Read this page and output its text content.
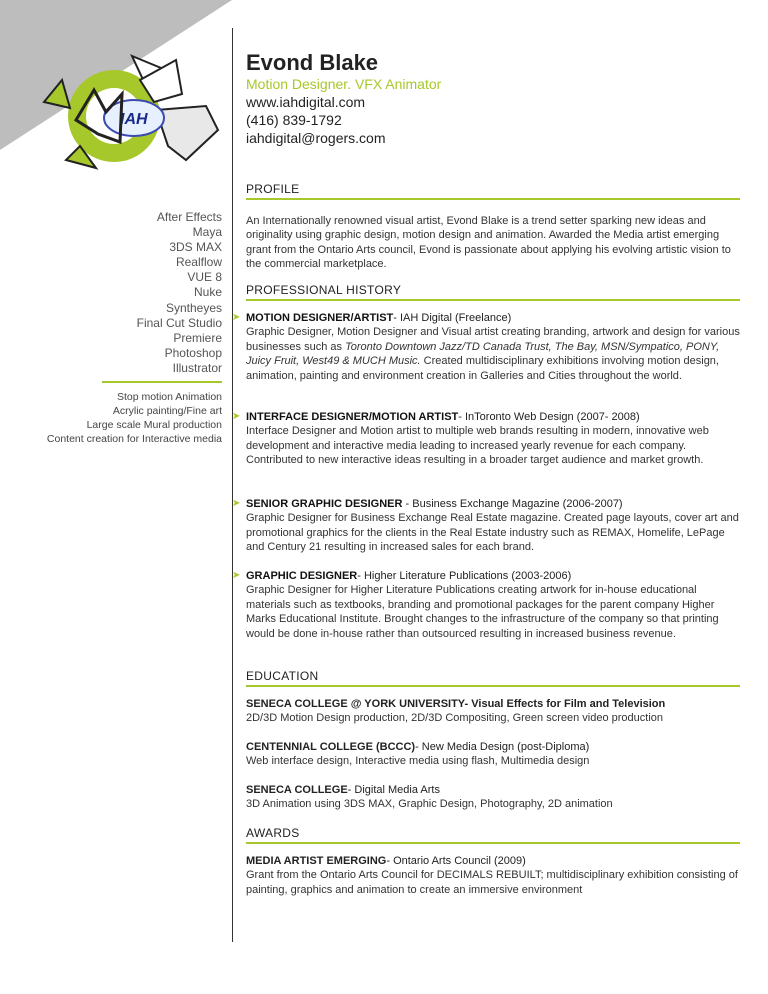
IAH
Evond Blake
Motion Designer. VFX Animator
www.iahdigital.com
(416) 839-1792
iahdigital@rogers.com
After Effects
Maya
3DS MAX
Realflow
VUE 8
Nuke
Syntheyes
Final Cut Studio
Premiere
Photoshop
Illustrator
Stop motion Animation
Acrylic painting/Fine art
Large scale Mural production
Content creation for Interactive media
PROFILE

An Internationally renowned visual artist, Evond Blake is a trend setter sparking new ideas and originality using graphic design, motion design and animation. Awarded the Media artist emerging grant from the Ontario Arts council, Evond is passionate about applying his evolving artistic vision to the commercial marketplace.

PROFESSIONAL HISTORY
➤ MOTION DESIGNER/ARTIST- IAH Digital (Freelance)

Graphic Designer, Motion Designer and Visual artist creating branding, artwork and design for various businesses such as Toronto Downtown Jazz/TD Canada Trust, The Bay, MSN/Sympatico, PONY, Juicy Fruit, West49 & MUCH Music. Created multidisciplinary exhibitions involving motion design, animation, painting and environment creation in Galleries and Cities throughout the world.

➤ INTERFACE DESIGNER/MOTION ARTIST- InToronto Web Design (2007- 2008)

Interface Designer and Motion artist to multiple web brands resulting in modern, innovative web development and interactive media leading to increased yearly revenue for each company. Contributed to new interactive ideas resulting in a broader target audience and market growth.

➤ SENIOR GRAPHIC DESIGNER - Business Exchange Magazine (2006-2007)

Graphic Designer for Business Exchange Real Estate magazine. Created page layouts, cover art and promotional graphics for the clients in the Real Estate industry such as REMAX, Homelife, LePage and Century 21 resulting in increased sales for each brand.

➤ GRAPHIC DESIGNER- Higher Literature Publications (2003-2006)

Graphic Designer for Higher Literature Publications creating artwork for in-house educational materials such as textbooks, branding and promotional packages for the parent company Higher Marks Educational Institute. Brought changes to the infrastructure of the company so that printing would be done in-house rather than outsourced resulting in increased business revenue.

EDUCATION
SENECA COLLEGE @ YORK UNIVERSITY- Visual Effects for Film and Television

2D/3D Motion Design production, 2D/3D Compositing, Green screen video production

CENTENNIAL COLLEGE (BCCC)- New Media Design (post-Diploma)

Web interface design, Interactive media using flash, Multimedia design

SENECA COLLEGE- Digital Media Arts

3D Animation using 3DS MAX, Graphic Design, Photography, 2D animation

AWARDS
MEDIA ARTIST EMERGING- Ontario Arts Council (2009)

Grant from the Ontario Arts Council for DECIMALS REBUILT; multidisciplinary exhibition consisting of painting, graphics and animation to create an immersive environment
